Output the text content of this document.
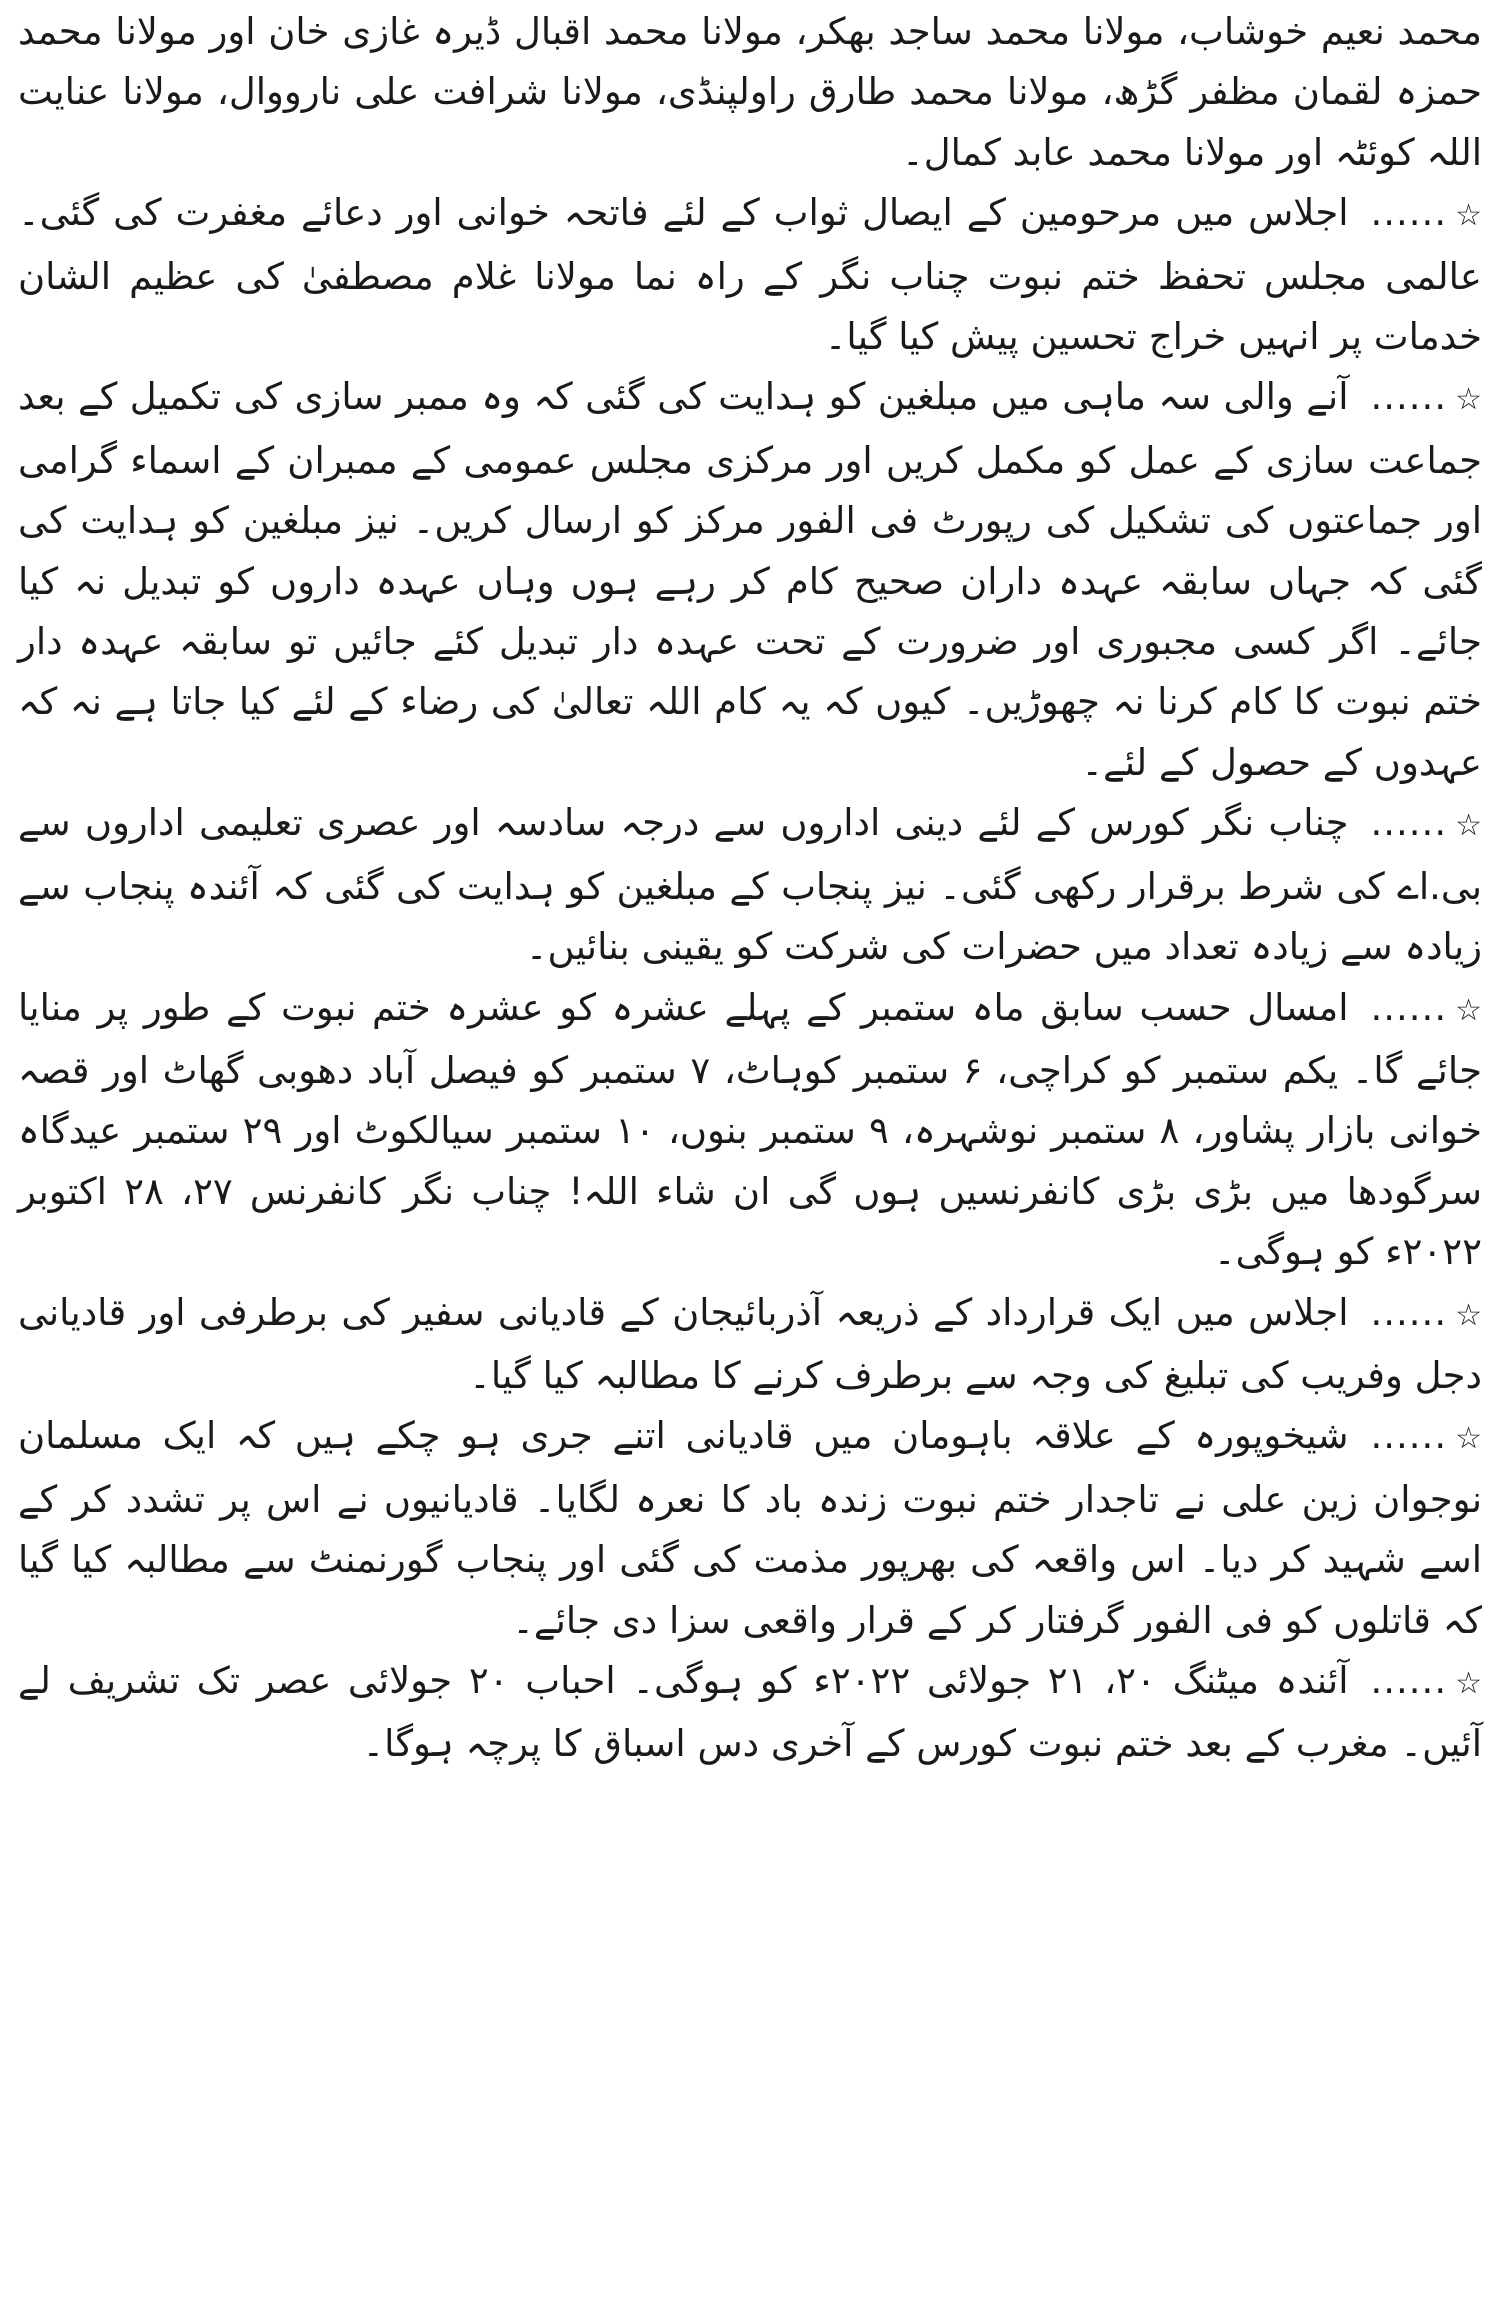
محمد نعیم خوشاب، مولانا محمد ساجد بھکر، مولانا محمد اقبال ڈیرہ غازی خان اور مولانا محمد حمزہ لقمان مظفر گڑھ، مولانا محمد طارق راولپنڈی، مولانا شرافت علی نارووال، مولانا عنایت اللہ کوئٹہ اور مولانا محمد عابد کمال۔

☆......اجلاس میں مرحومین کے ایصال ثواب کے لئے فاتحہ خوانی اور دعائے مغفرت کی گئی۔ عالمی مجلس تحفظ ختم نبوت چناب نگر کے راہ نما مولانا غلام مصطفیٰ کی عظیم الشان خدمات پر انہیں خراج تحسین پیش کیا گیا۔

☆......آنے والی سہ ماہی میں مبلغین کو ہدایت کی گئی کہ وہ ممبر سازی کی تکمیل کے بعد جماعت سازی کے عمل کو مکمل کریں اور مرکزی مجلس عمومی کے ممبران کے اسماء گرامی اور جماعتوں کی تشکیل کی رپورٹ فی الفور مرکز کو ارسال کریں۔ نیز مبلغین کو ہدایت کی گئی کہ جہاں سابقہ عہدہ داران صحیح کام کر رہے ہوں وہاں عہدہ داروں کو تبدیل نہ کیا جائے۔ اگر کسی مجبوری اور ضرورت کے تحت عہدہ دار تبدیل کئے جائیں تو سابقہ عہدہ دار ختم نبوت کا کام کرنا نہ چھوڑیں۔ کیوں کہ یہ کام اللہ تعالیٰ کی رضاء کے لئے کیا جاتا ہے نہ کہ عہدوں کے حصول کے لئے۔

☆......چناب نگر کورس کے لئے دینی اداروں سے درجہ سادسہ اور عصری تعلیمی اداروں سے بی.اے کی شرط برقرار رکھی گئی۔ نیز پنجاب کے مبلغین کو ہدایت کی گئی کہ آئندہ پنجاب سے زیادہ سے زیادہ تعداد میں حضرات کی شرکت کو یقینی بنائیں۔

☆......امسال حسب سابق ماہ ستمبر کے پہلے عشرہ کو عشرہ ختم نبوت کے طور پر منایا جائے گا۔ یکم ستمبر کو کراچی، ۶ ستمبر کوہاٹ، ۷ ستمبر کو فیصل آباد دھوبی گھاٹ اور قصہ خوانی بازار پشاور، ۸ ستمبر نوشہرہ، ۹ ستمبر بنوں، ۱۰ ستمبر سیالکوٹ اور ۲۹ ستمبر عیدگاہ سرگودھا میں بڑی بڑی کانفرنسیں ہوں گی ان شاء اللہ! چناب نگر کانفرنس ۲۷، ۲۸ اکتوبر ۲۰۲۲ء کو ہوگی۔

☆......اجلاس میں ایک قرارداد کے ذریعہ آذربائیجان کے قادیانی سفیر کی برطرفی اور قادیانی دجل وفریب کی تبلیغ کی وجہ سے برطرف کرنے کا مطالبہ کیا گیا۔

☆......شیخوپورہ کے علاقہ باہومان میں قادیانی اتنے جری ہو چکے ہیں کہ ایک مسلمان نوجوان زین علی نے تاجدار ختم نبوت زندہ باد کا نعرہ لگایا۔ قادیانیوں نے اس پر تشدد کر کے اسے شہید کر دیا۔ اس واقعہ کی بھرپور مذمت کی گئی اور پنجاب گورنمنٹ سے مطالبہ کیا گیا کہ قاتلوں کو فی الفور گرفتار کر کے قرار واقعی سزا دی جائے۔

☆......آئندہ میٹنگ ۲۰، ۲۱ جولائی ۲۰۲۲ء کو ہوگی۔ احباب ۲۰ جولائی عصر تک تشریف لے آئیں۔ مغرب کے بعد ختم نبوت کورس کے آخری دس اسباق کا پرچہ ہوگا۔
